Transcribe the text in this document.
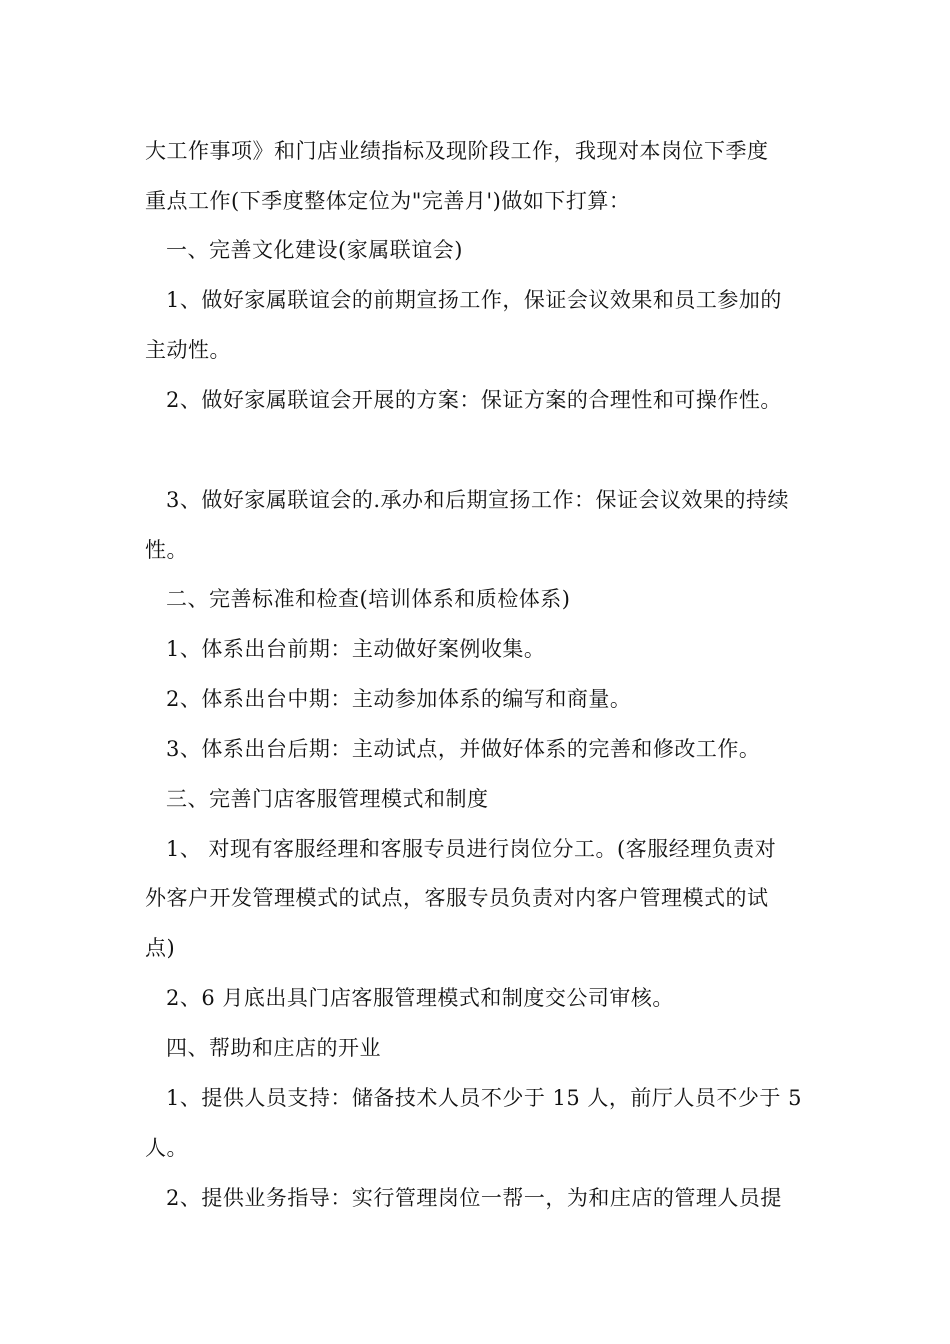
大工作事项》和门店业绩指标及现阶段工作，我现对本岗位下季度
重点工作(下季度整体定位为"完善月')做如下打算：
一、完善文化建设(家属联谊会)
1、做好家属联谊会的前期宣扬工作，保证会议效果和员工参加的
主动性。
2、做好家属联谊会开展的方案：保证方案的合理性和可操作性。
3、做好家属联谊会的.承办和后期宣扬工作：保证会议效果的持续
性。
二、完善标准和检查(培训体系和质检体系)
1、体系出台前期：主动做好案例收集。
2、体系出台中期：主动参加体系的编写和商量。
3、体系出台后期：主动试点，并做好体系的完善和修改工作。
三、完善门店客服管理模式和制度
1、 对现有客服经理和客服专员进行岗位分工。(客服经理负责对
外客户开发管理模式的试点，客服专员负责对内客户管理模式的试
点)
2、6 月底出具门店客服管理模式和制度交公司审核。
四、帮助和庄店的开业
1、提供人员支持：储备技术人员不少于 15 人，前厅人员不少于 5
人。
2、提供业务指导：实行管理岗位一帮一，为和庄店的管理人员提
